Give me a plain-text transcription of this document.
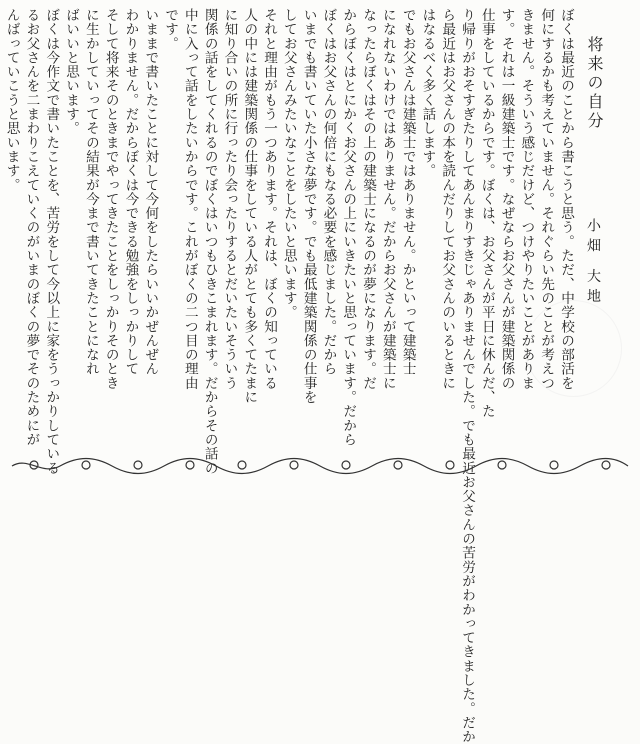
将来の自分
小畑 大地
ぼくは最近のことから書こうと思う。ただ、中学校の部活を
何にするかも考えていません。それぐらい先のことが考えつ
きません。そういう感じだけど、つけやりたいことがありま
す。それは一級建築士です。なぜならお父さんが建築関係の
仕事をしているからです。ぼくは、お父さんが平日に休んだ、た
り帰りがおそすぎたりしてあんまりすきじゃありませんでした。でも最近お父さんの苦労がわかってきました。だか
ら最近はお父さんの本を読んだりしてお父さんのいるときに
はなるべく多く話します。
でもお父さんは建築士ではありません。かといって建築士
になれないわけではありません。だからお父さんが建築士に
なったらぼくはその上の建築士になるのが夢になります。だ
からぼくはとにかくお父さんの上にいきたいと思っています。だから
ぼくはお父さんの何倍にもなる必要を感じました。だから
いまでも書いていた小さな夢です。でも最低建築関係の仕事を
してお父さんみたいなことをしたいと思います。
それと理由がもう一つあります。それは、ぼくの知っている
人の中には建築関係の仕事をしている人がとても多くてたまに
に知り合いの所に行ったり会ったりするとだいたいそういう
関係の話をしてくれるのでぼくはいつもひきこまれます。だからその話の
中に入って話をしたいからです。これがぼくの二つ目の理由
です。
いままで書いたことに対して今何をしたらいいかぜんぜん
わかりません。だからぼくは今できる勉強をしっかりして
そして将来そのときまでやってきたことをしっかりそのとき
に生かしていってその結果が今まで書いてきたことになれ
ばいいと思います。
ぼくは今作文で書いたことを、苦労をして今以上に家をうっかりしている
るお父さんを二まわりこえていくのがいまのぼくの夢でそのためにが
んばっていこうと思います。
